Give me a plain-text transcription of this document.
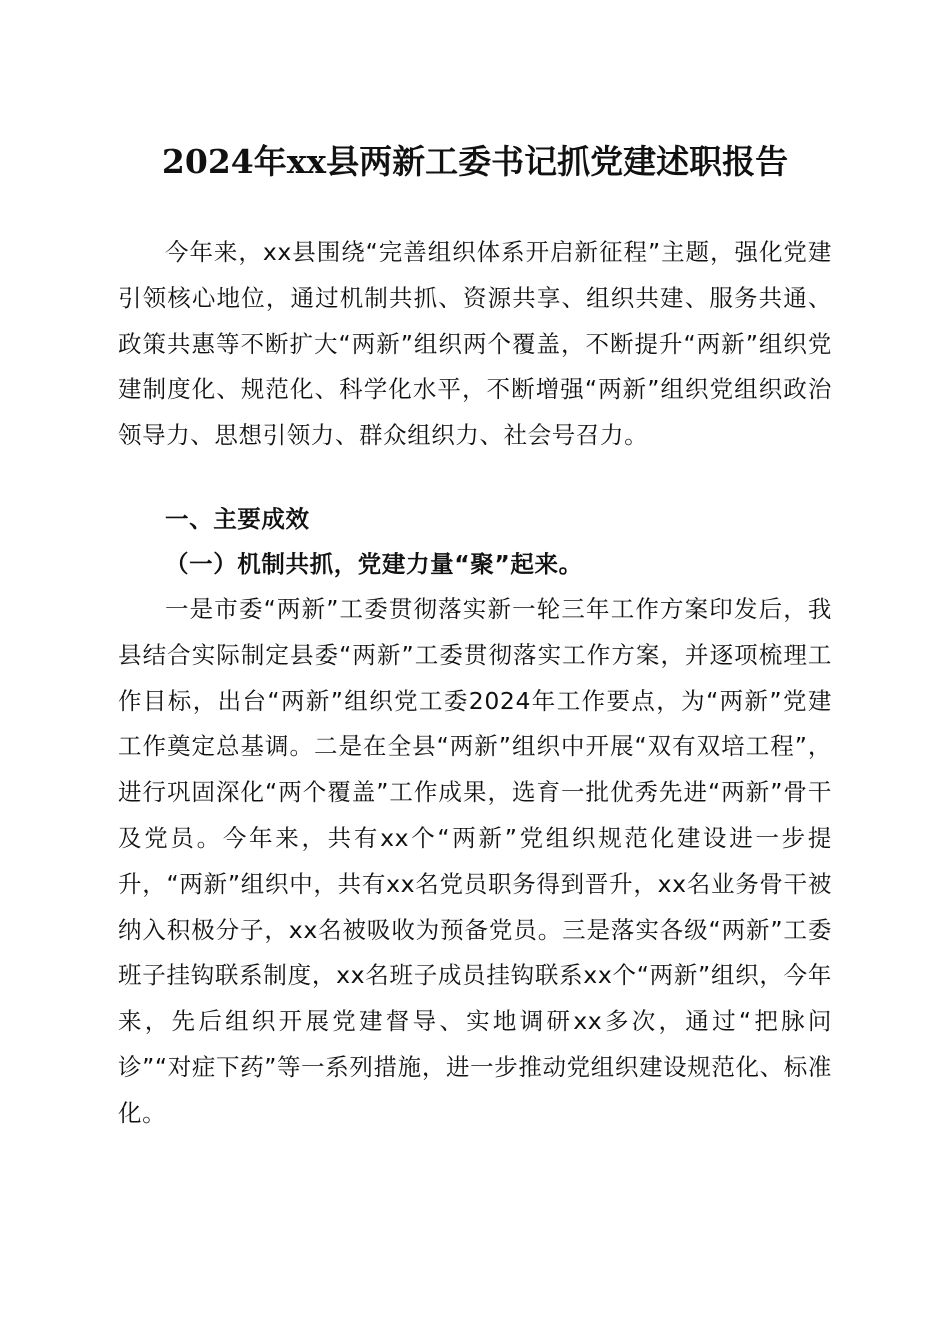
2024年xx县两新工委书记抓党建述职报告

今年来，xx县围绕“完善组织体系开启新征程”主题，强化党建引领核心地位，通过机制共抓、资源共享、组织共建、服务共通、政策共惠等不断扩大“两新”组织两个覆盖，不断提升“两新”组织党建制度化、规范化、科学化水平，不断增强“两新”组织党组织政治领导力、思想引领力、群众组织力、社会号召力。

一、主要成效
（一）机制共抓，党建力量“聚”起来。

一是市委“两新”工委贯彻落实新一轮三年工作方案印发后，我县结合实际制定县委“两新”工委贯彻落实工作方案，并逐项梳理工作目标，出台“两新”组织党工委2024年工作要点，为“两新”党建工作奠定总基调。二是在全县“两新”组织中开展“双有双培工程”，进行巩固深化“两个覆盖”工作成果，选育一批优秀先进“两新”骨干及党员。今年来，共有xx个“两新”党组织规范化建设进一步提升，“两新”组织中，共有xx名党员职务得到晋升，xx名业务骨干被纳入积极分子，xx名被吸收为预备党员。三是落实各级“两新”工委班子挂钩联系制度，xx名班子成员挂钩联系xx个“两新”组织，今年来，先后组织开展党建督导、实地调研xx多次，通过“把脉问诊”“对症下药”等一系列措施，进一步推动党组织建设规范化、标准化。
